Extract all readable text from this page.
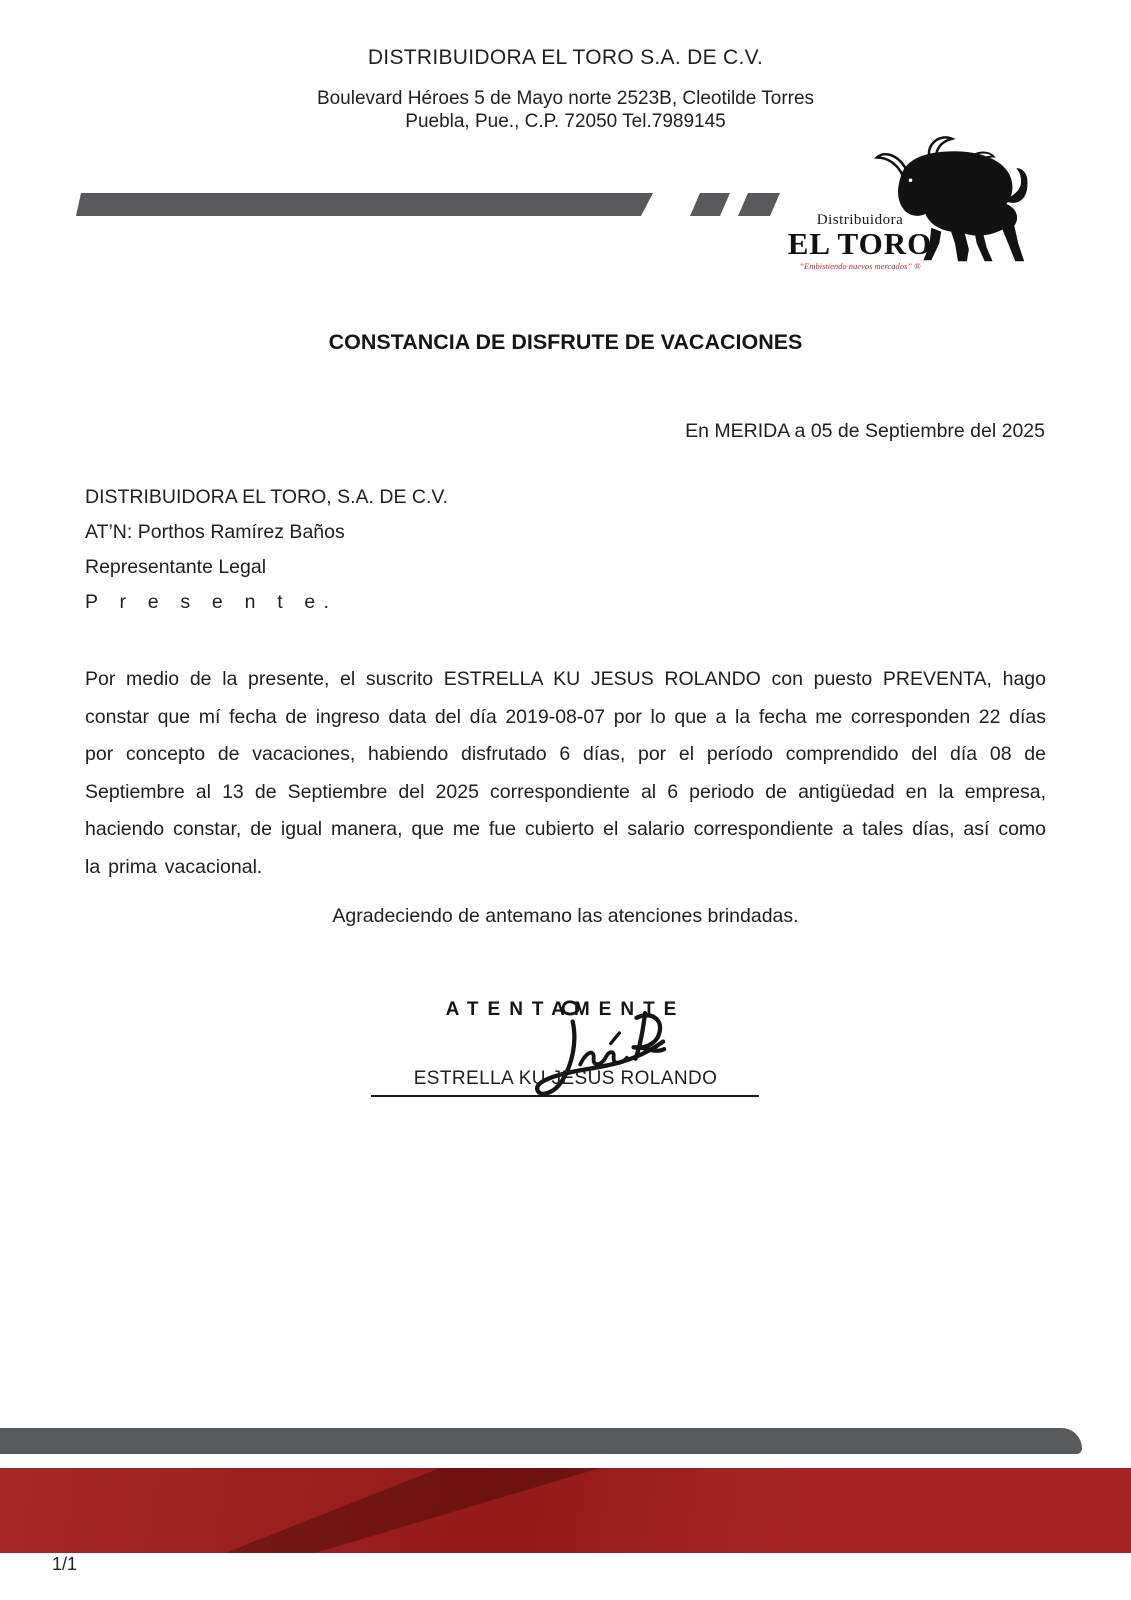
DISTRIBUIDORA EL TORO S.A. DE C.V.
Boulevard Héroes 5 de Mayo norte 2523B, Cleotilde Torres
Puebla, Pue., C.P. 72050 Tel.7989145
Distribuidora
EL TORO
“Embistiendo nuevos mercados” ®
CONSTANCIA DE DISFRUTE DE VACACIONES
En MERIDA a 05 de Septiembre del 2025
DISTRIBUIDORA EL TORO, S.A. DE C.V.
AT’N: Porthos Ramírez Baños
Representante Legal
P r e s e n t e.
Por medio de la presente, el suscrito ESTRELLA KU JESUS ROLANDO con puesto PREVENTA, hago constar que mí fecha de ingreso data del día 2019-08-07 por lo que a la fecha me corresponden 22 días por concepto de vacaciones, habiendo disfrutado 6 días, por el período comprendido del día 08 de Septiembre al 13 de Septiembre del 2025 correspondiente al 6 periodo de antigüedad en la empresa, haciendo constar, de igual manera, que me fue cubierto el salario correspondiente a tales días, así como la prima vacacional.
Agradeciendo de antemano las atenciones brindadas.
ATENTAMENTE
ESTRELLA KU JESUS ROLANDO
1/1
